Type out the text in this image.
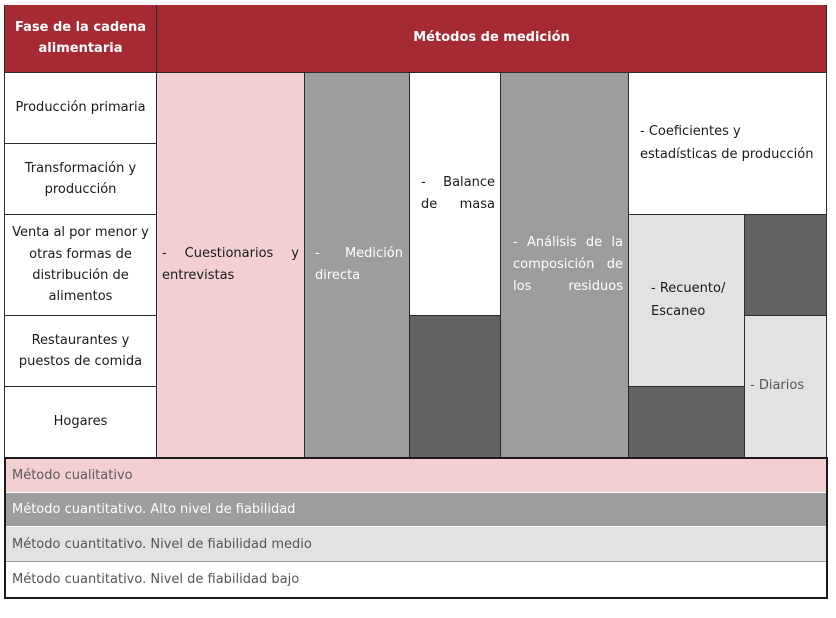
Fase de la cadena alimentaria
Métodos de medición
Producción primaria
Transformación y producción
Venta al por menor y otras formas de distribución de alimentos
Restaurantes y puestos de comida
Hogares
- Cuestionarios y entrevistas
- Medición directa
- Balance de masa
- Análisis de la composición de los residuos
- Coeficientes y estadísticas de producción
- Recuento/ Escaneo
- Diarios
Método cualitativo
Método cuantitativo. Alto nivel de fiabilidad
Método cuantitativo. Nivel de fiabilidad medio
Método cuantitativo. Nivel de fiabilidad bajo
